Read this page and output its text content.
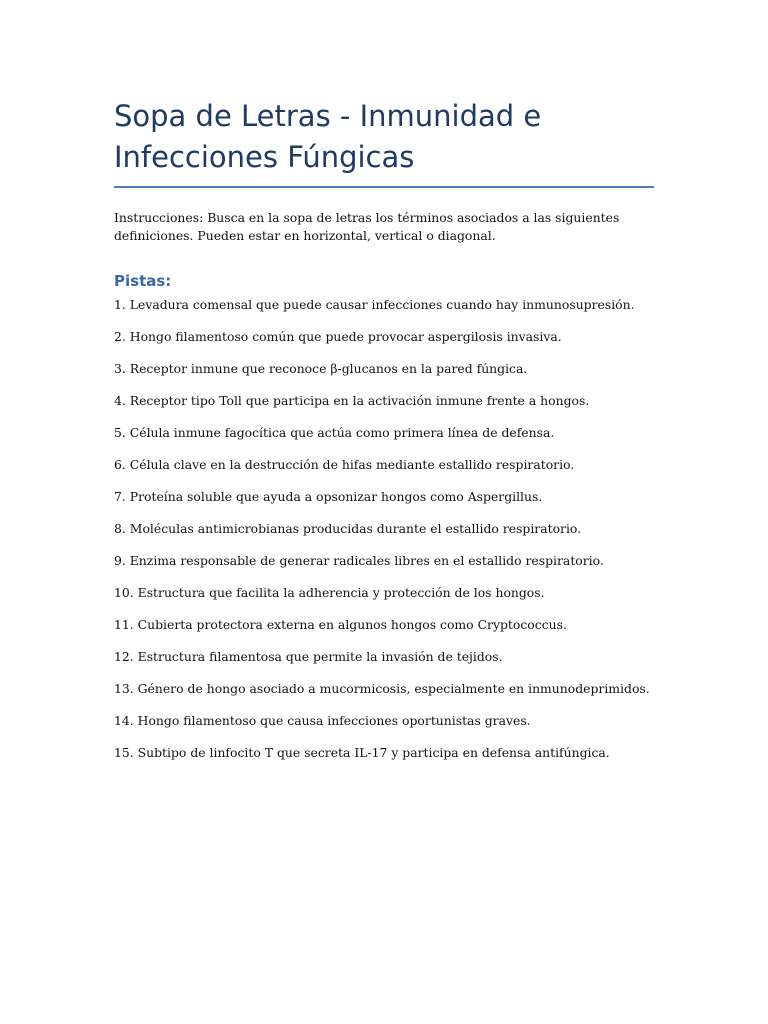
Sopa de Letras - Inmunidad e Infecciones Fúngicas

Instrucciones: Busca en la sopa de letras los términos asociados a las siguientes definiciones. Pueden estar en horizontal, vertical o diagonal.

Pistas:
1. Levadura comensal que puede causar infecciones cuando hay inmunosupresión.
2. Hongo filamentoso común que puede provocar aspergilosis invasiva.
3. Receptor inmune que reconoce β-glucanos en la pared fúngica.
4. Receptor tipo Toll que participa en la activación inmune frente a hongos.
5. Célula inmune fagocítica que actúa como primera línea de defensa.
6. Célula clave en la destrucción de hifas mediante estallido respiratorio.
7. Proteína soluble que ayuda a opsonizar hongos como Aspergillus.
8. Moléculas antimicrobianas producidas durante el estallido respiratorio.
9. Enzima responsable de generar radicales libres en el estallido respiratorio.
10. Estructura que facilita la adherencia y protección de los hongos.
11. Cubierta protectora externa en algunos hongos como Cryptococcus.
12. Estructura filamentosa que permite la invasión de tejidos.
13. Género de hongo asociado a mucormicosis, especialmente en inmunodeprimidos.
14. Hongo filamentoso que causa infecciones oportunistas graves.
15. Subtipo de linfocito T que secreta IL-17 y participa en defensa antifúngica.
